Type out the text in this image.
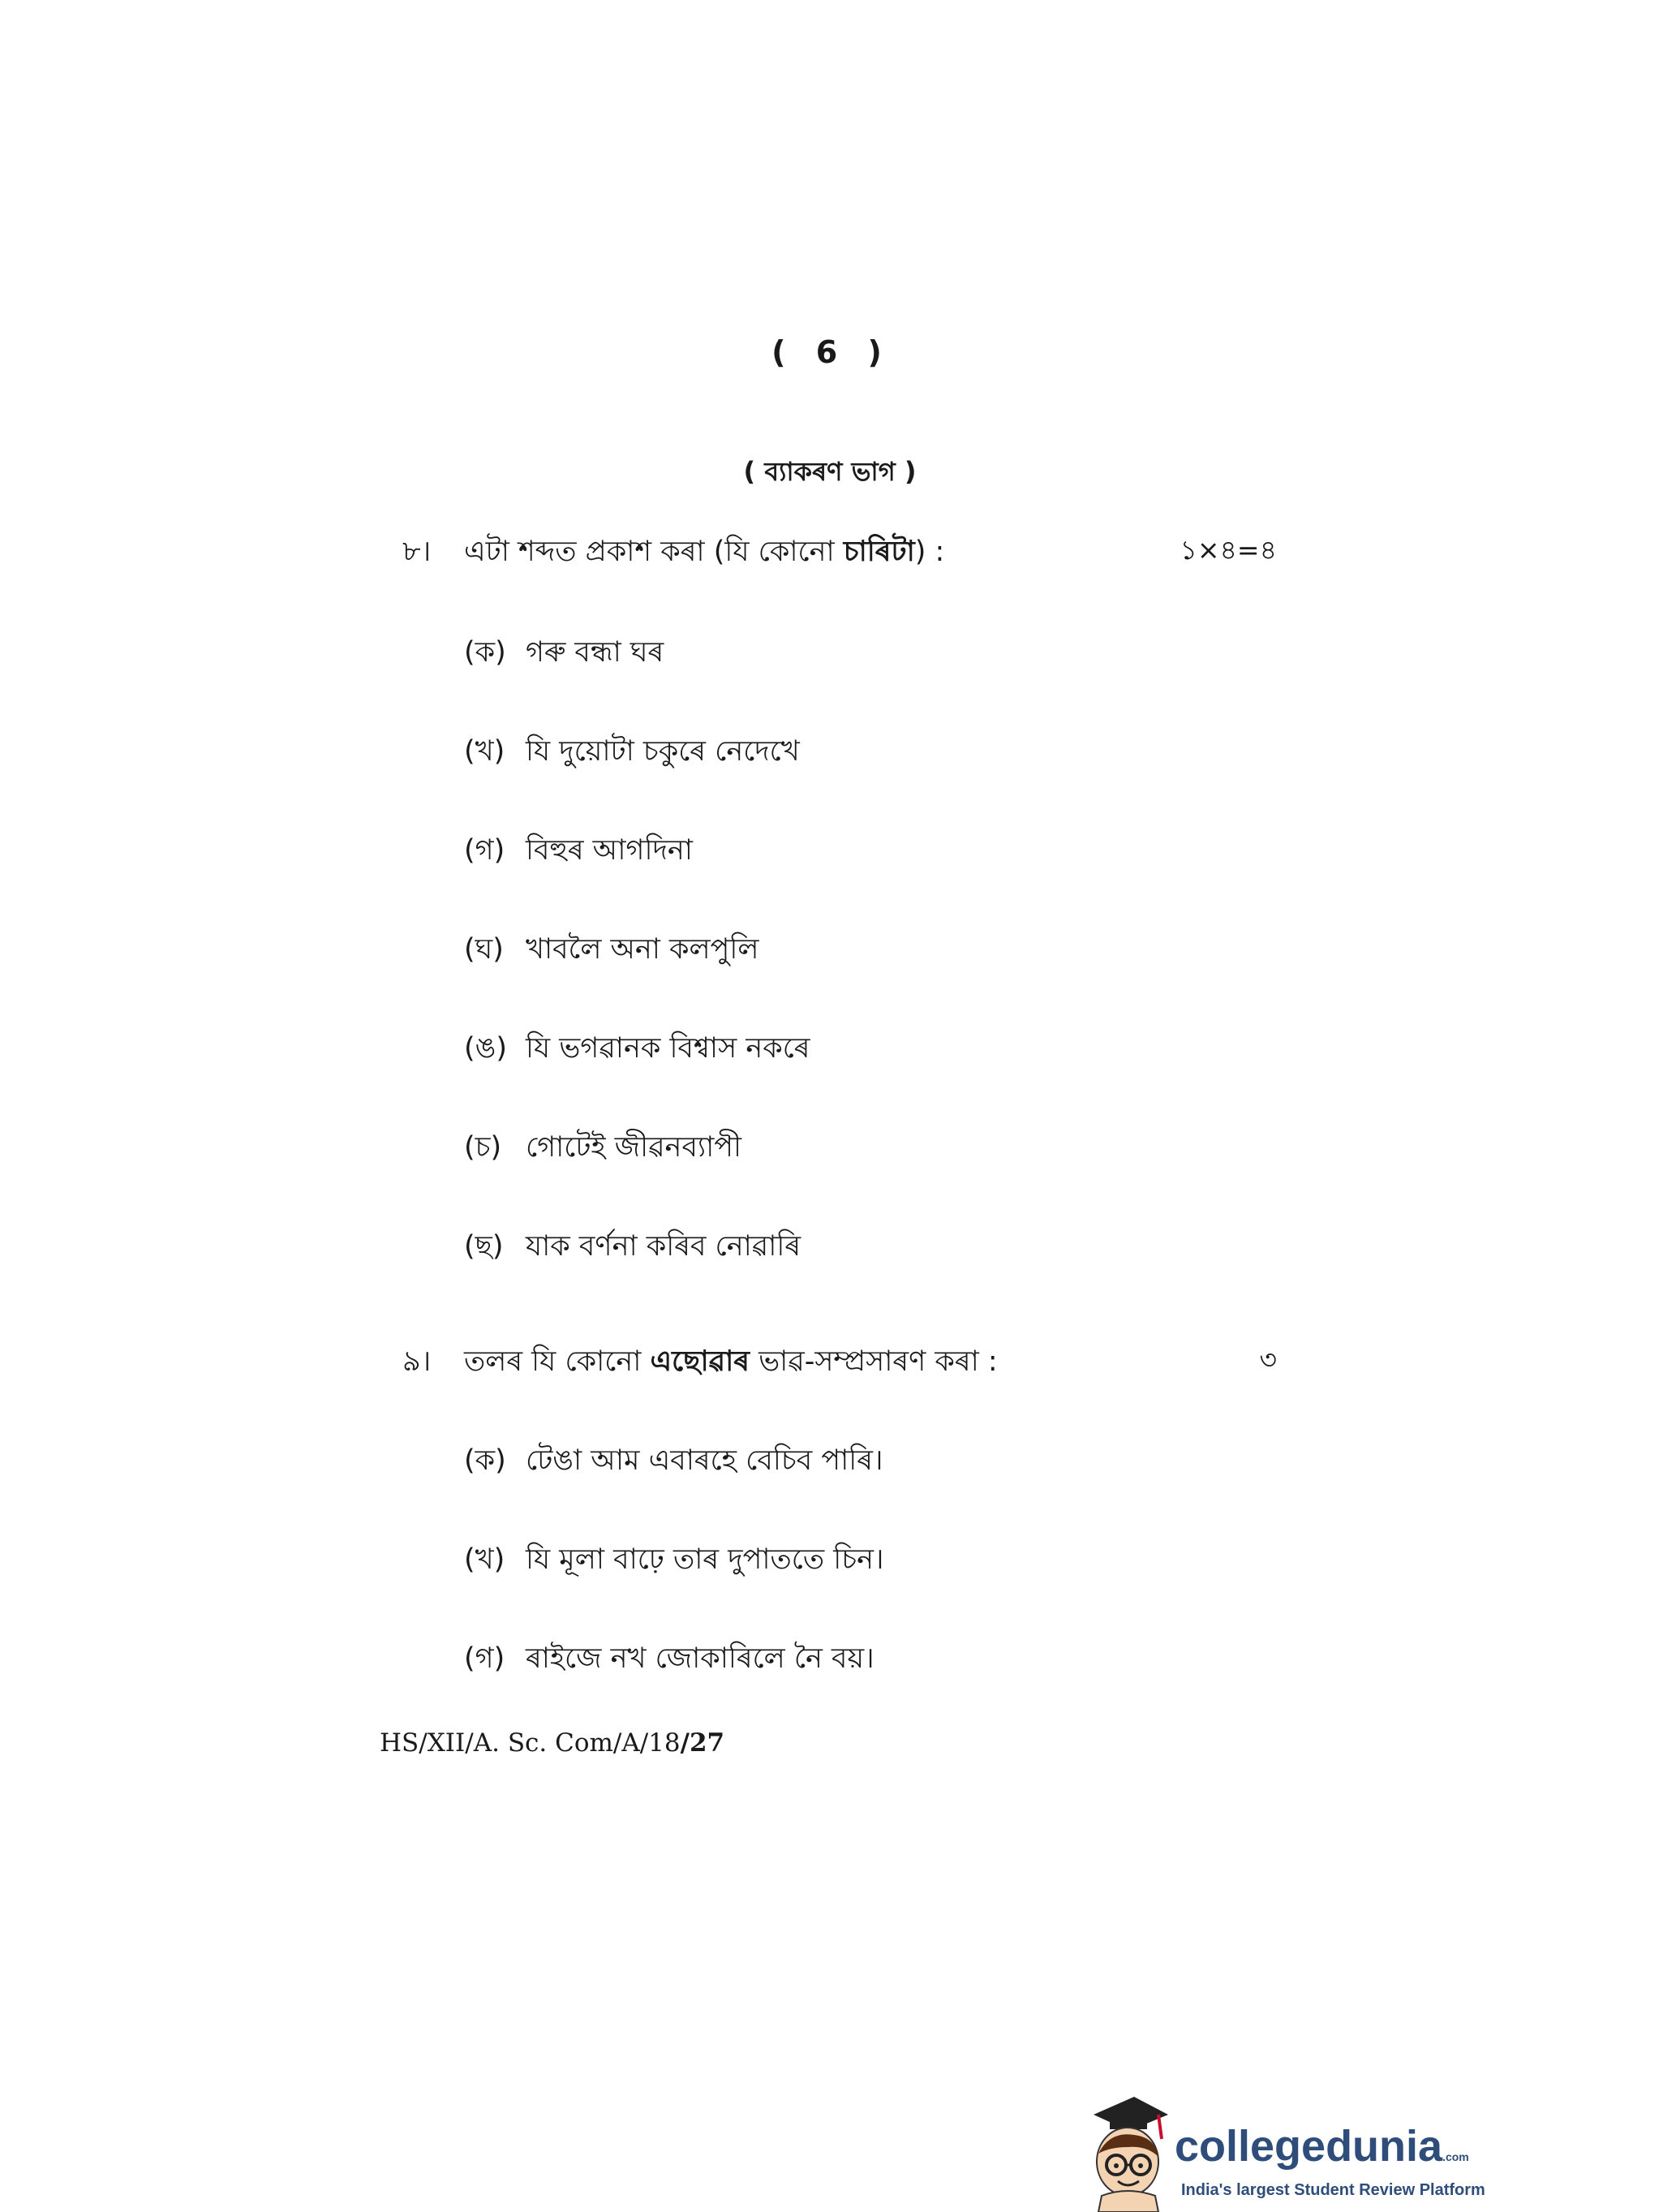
( 6 )
( ব্যাকৰণ ভাগ )
৮। এটা শব্দত প্ৰকাশ কৰা (যি কোনো চাৰিটা) :	১×৪=৪
(ক) গৰু বন্ধা ঘৰ
(খ) যি দুয়োটা চকুৰে নেদেখে
(গ) বিহুৰ আগদিনা
(ঘ) খাবলৈ অনা কলপুলি
(ঙ) যি ভগৱানক বিশ্বাস নকৰে
(চ) গোটেই জীৱনব্যাপী
(ছ) যাক বৰ্ণনা কৰিব নোৱাৰি
৯। তলৰ যি কোনো এছোৱাৰ ভাৱ-সম্প্ৰসাৰণ কৰা :	৩
(ক) টেঙা আম এবাৰহে বেচিব পাৰি।
(খ) যি মূলা বাঢ়ে তাৰ দুপাততে চিন।
(গ) ৰাইজে নখ জোকাৰিলে নৈ বয়।
HS/XII/A. Sc. Com/A/18/27
collegedunia.com
India's largest Student Review Platform
